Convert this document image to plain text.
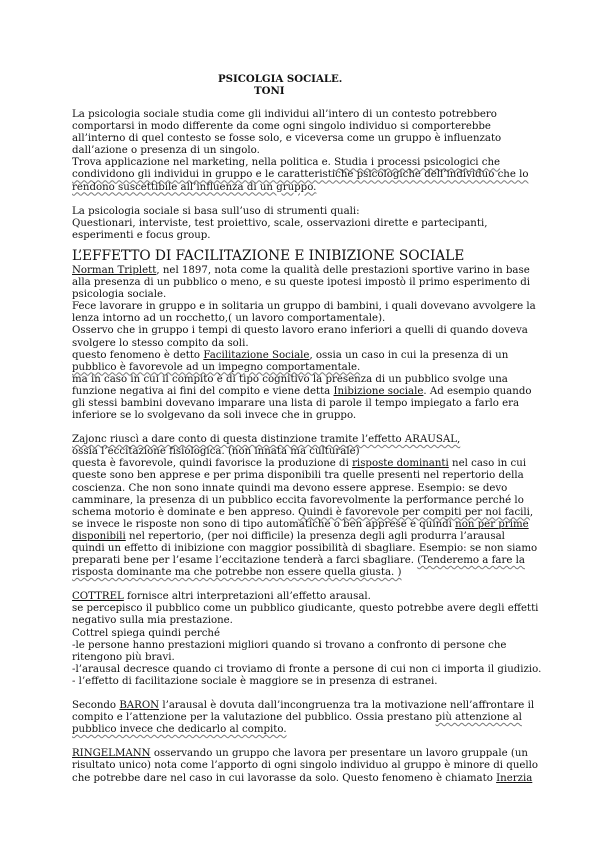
PSICOLGIA SOCIALE.
TONI

La psicologia sociale studia come gli individui all’intero di un contesto potrebbero
comportarsi in modo differente da come ogni singolo individuo si comporterebbe
all’interno di quel contesto se fosse solo, e viceversa come un gruppo è influenzato
dall’azione o presenza di un singolo.
Trova applicazione nel marketing, nella politica e. Studia i processi psicologici che
condividono gli individui in gruppo e le caratteristiche psicologiche dell’individuo che lo
rendono suscettibile all’influenza di un gruppo.

La psicologia sociale si basa sull’uso di strumenti quali:
Questionari, interviste, test proiettivo, scale, osservazioni dirette e partecipanti,
esperimenti e focus group.

L’EFFETTO DI FACILITAZIONE E INIBIZIONE SOCIALE

Norman Triplett, nel 1897, nota come la qualità delle prestazioni sportive varino in base
alla presenza di un pubblico o meno, e su queste ipotesi impostò il primo esperimento di
psicologia sociale.
Fece lavorare in gruppo e in solitaria un gruppo di bambini, i quali dovevano avvolgere la
lenza intorno ad un rocchetto,( un lavoro comportamentale).
Osservo che in gruppo i tempi di questo lavoro erano inferiori a quelli di quando doveva
svolgere lo stesso compito da soli.
questo fenomeno è detto Facilitazione Sociale, ossia un caso in cui la presenza di un
pubblico è favorevole ad un impegno comportamentale.
ma in caso in cui il compito è di tipo cognitivo la presenza di un pubblico svolge una
funzione negativa ai fini del compito e viene detta Inibizione sociale. Ad esempio quando
gli stessi bambini dovevano imparare una lista di parole il tempo impiegato a farlo era
inferiore se lo svolgevano da soli invece che in gruppo.

Zajonc riuscì a dare conto di questa distinzione tramite l’effetto ARAUSAL,
ossia l’eccitazione fisiologica. (non innata ma culturale)
questa è favorevole, quindi favorisce la produzione di risposte dominanti nel caso in cui
queste sono ben apprese e per prima disponibili tra quelle presenti nel repertorio della
coscienza. Che non sono innate quindi ma devono essere apprese. Esempio: se devo
camminare, la presenza di un pubblico eccita favorevolmente la performance perché lo
schema motorio è dominate e ben appreso. Quindi è favorevole per compiti per noi facili,
se invece le risposte non sono di tipo automatiche o ben apprese e quindi non per prime
disponibili nel repertorio, (per noi difficile) la presenza degli agli produrra l’arausal
quindi un effetto di inibizione con maggior possibilità di sbagliare. Esempio: se non siamo
preparati bene per l’esame l’eccitazione tenderà a farci sbagliare. (Tenderemo a fare la
risposta dominante ma che potrebbe non essere quella giusta. )

COTTREL fornisce altri interpretazioni all’effetto arausal.
se percepisco il pubblico come un pubblico giudicante, questo potrebbe avere degli effetti
negativo sulla mia prestazione.
Cottrel spiega quindi perché
-le persone hanno prestazioni migliori quando si trovano a confronto di persone che
ritengono più bravi.
-l’arausal decresce quando ci troviamo di fronte a persone di cui non ci importa il giudizio.
- l’effetto di facilitazione sociale è maggiore se in presenza di estranei.

Secondo BARON l’arausal è dovuta dall’incongruenza tra la motivazione nell’affrontare il
compito e l’attenzione per la valutazione del pubblico. Ossia prestano più attenzione al
pubblico invece che dedicarlo al compito.

RINGELMANN osservando un gruppo che lavora per presentare un lavoro gruppale (un
risultato unico) nota come l’apporto di ogni singolo individuo al gruppo è minore di quello
che potrebbe dare nel caso in cui lavorasse da solo. Questo fenomeno è chiamato Inerzia
